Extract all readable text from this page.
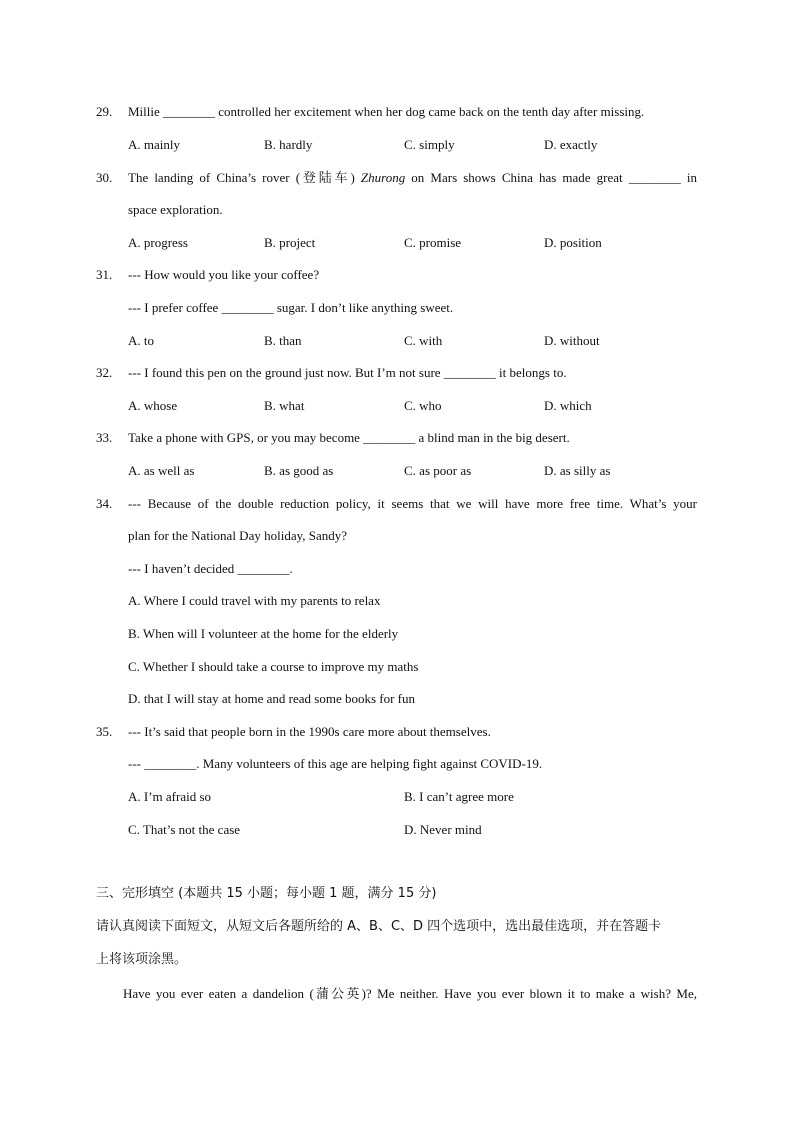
29. Millie ________ controlled her excitement when her dog came back on the tenth day after missing.
A. mainly	B. hardly	C. simply	D. exactly
30. The landing of China’s rover (登陆车) Zhurong on Mars shows China has made great ________ in
space exploration.
A. progress	B. project	C. promise	D. position
31. --- How would you like your coffee?
--- I prefer coffee ________ sugar. I don’t like anything sweet.
A. to	B. than	C. with	D. without
32. --- I found this pen on the ground just now. But I’m not sure ________ it belongs to.
A. whose	B. what	C. who	D. which
33. Take a phone with GPS, or you may become ________ a blind man in the big desert.
A. as well as	B. as good as	C. as poor as	D. as silly as
34. --- Because of the double reduction policy, it seems that we will have more free time. What’s your
plan for the National Day holiday, Sandy?
--- I haven’t decided ________.
A. Where I could travel with my parents to relax
B. When will I volunteer at the home for the elderly
C. Whether I should take a course to improve my maths
D. that I will stay at home and read some books for fun
35. --- It’s said that people born in the 1990s care more about themselves.
--- ________. Many volunteers of this age are helping fight against COVID-19.
A. I’m afraid so	B. I can’t agree more
C. That’s not the case	D. Never mind
三、完形填空 (本题共 15 小题；每小题 1 题，满分 15 分)
请认真阅读下面短文，从短文后各题所给的 A、B、C、D 四个选项中，选出最佳选项，并在答题卡
上将该项涂黑。
Have you ever eaten a dandelion (蒲公英)? Me neither. Have you ever blown it to make a wish? Me,
